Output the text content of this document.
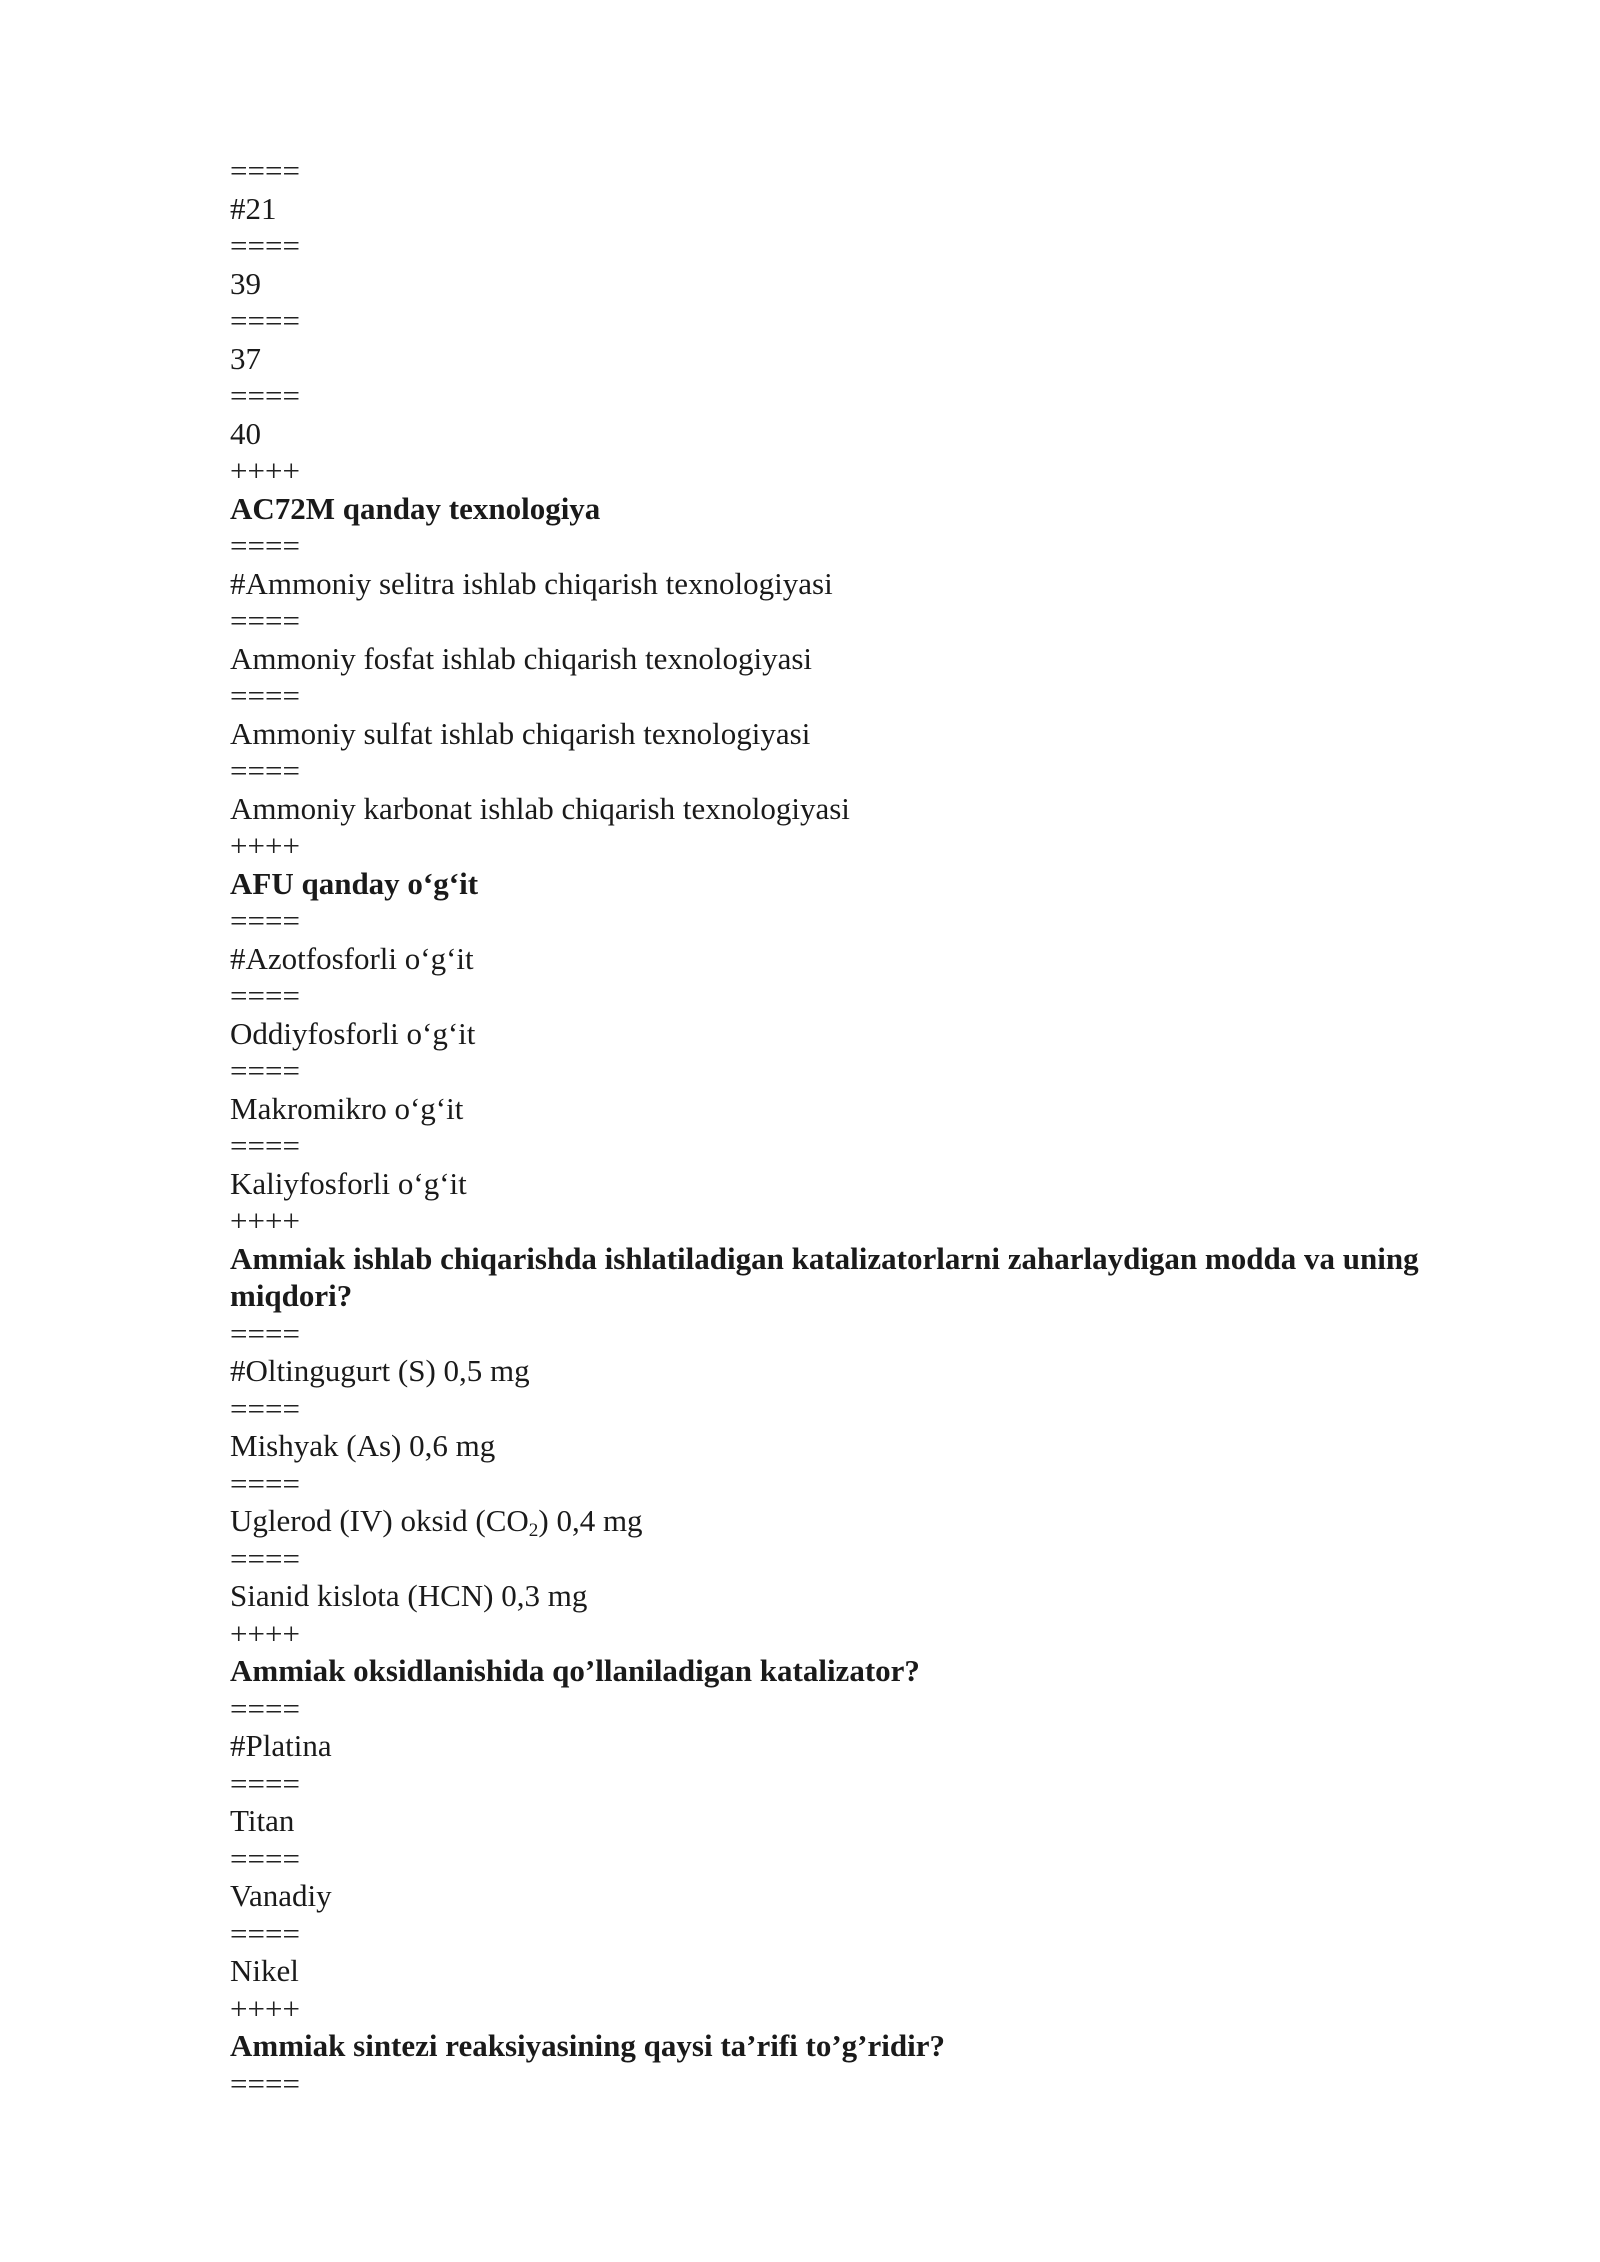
====
#21
====
39
====
37
====
40
++++
AC72M qanday texnologiya
====
#Ammoniy selitra ishlab chiqarish texnologiyasi
====
Ammoniy fosfat ishlab chiqarish texnologiyasi
====
Ammoniy sulfat ishlab chiqarish texnologiyasi
====
Ammoniy karbonat ishlab chiqarish texnologiyasi
++++
AFU qanday o‘g‘it
====
#Azotfosforli o‘g‘it
====
Oddiyfosforli o‘g‘it
====
Makromikro o‘g‘it
====
Kaliyfosforli o‘g‘it
++++
Ammiak ishlab chiqarishda ishlatiladigan katalizatorlarni zaharlaydigan modda va uning miqdori?
====
#Oltingugurt (S) 0,5 mg
====
Mishyak (As) 0,6 mg
====
Uglerod (IV) oksid $(CO_2)$ 0,4 mg
====
Sianid kislota (HCN) 0,3 mg
++++
Ammiak oksidlanishida qo’llaniladigan katalizator?
====
#Platina
====
Titan
====
Vanadiy
====
Nikel
++++
Ammiak sintezi reaksiyasining qaysi ta’rifi to’g’ridir?
====
